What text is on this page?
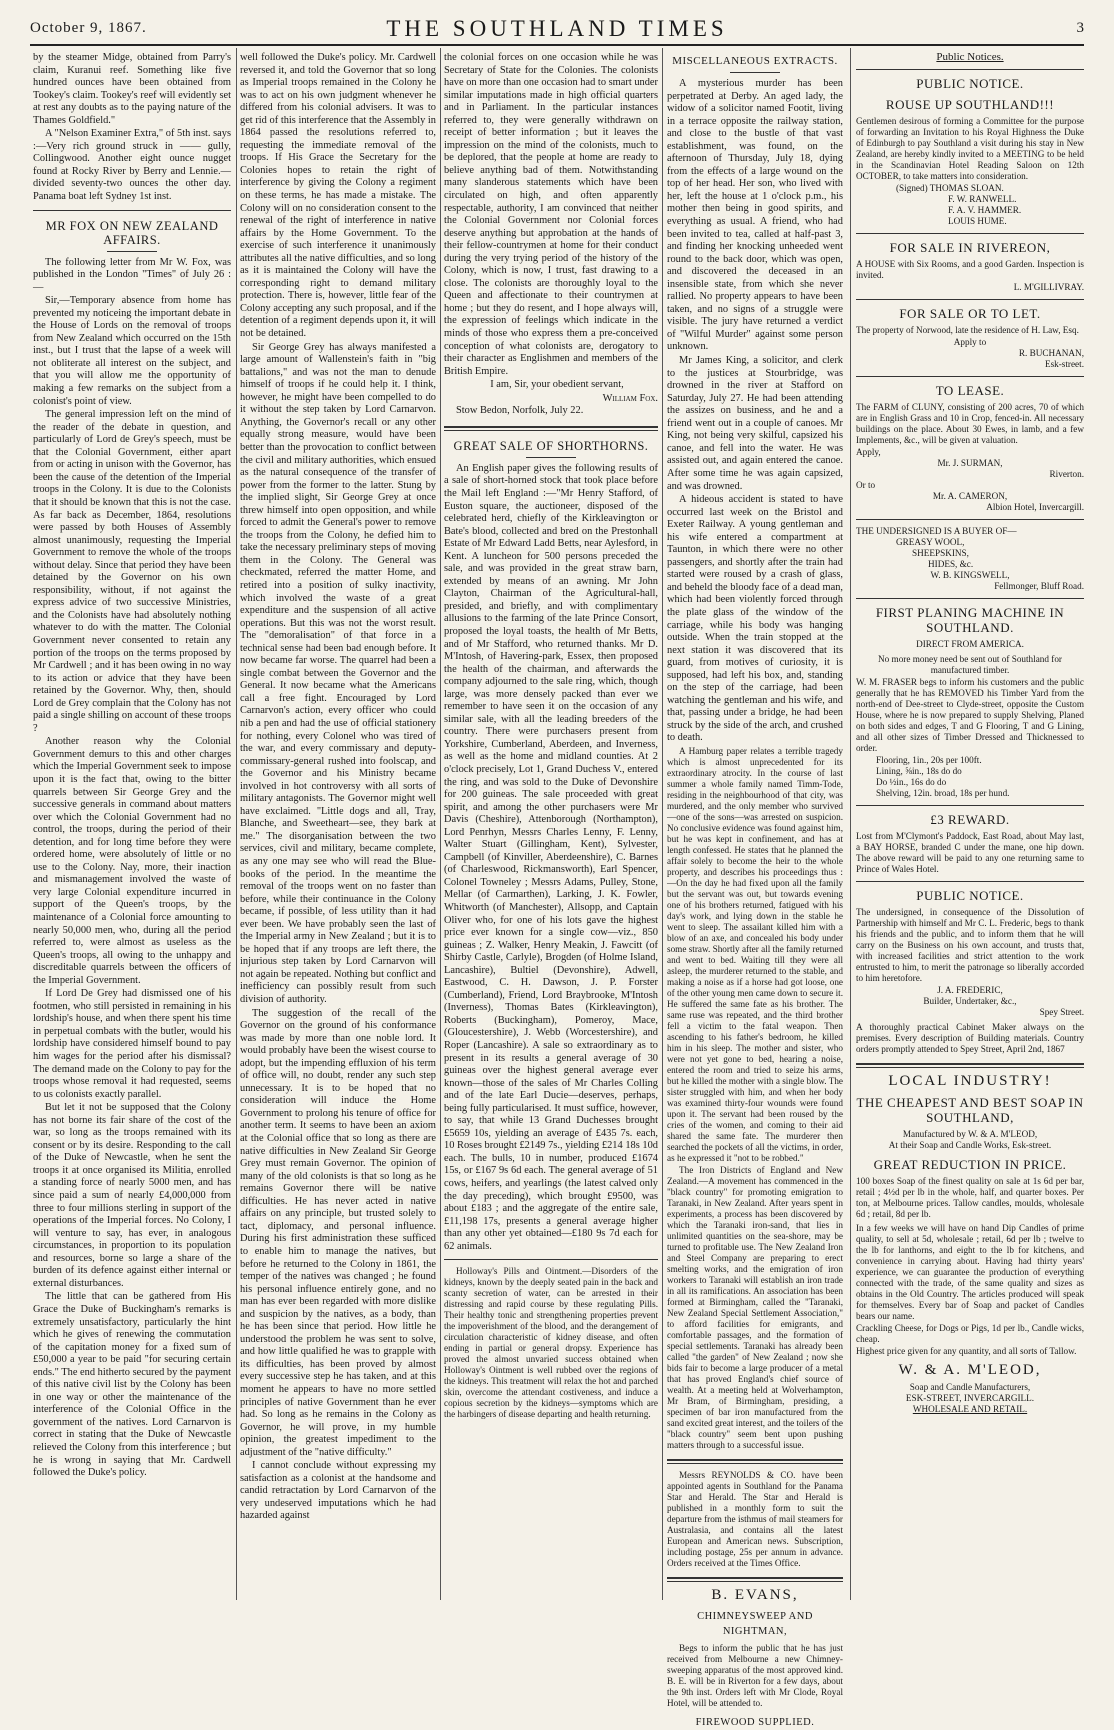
October 9, 1867.	THE SOUTHLAND TIMES	3

by the steamer Midge, obtained from Parry's claim, Kuranui reef. Something like five hundred ounces have been obtained from Tookey's claim. Tookey's reef will evidently set at rest any doubts as to the paying nature of the Thames Goldfield."

A "Nelson Examiner Extra," of 5th inst. says :—Very rich ground struck in —— gully, Collingwood. Another eight ounce nugget found at Rocky River by Berry and Lennie.—divided seventy-two ounces the other day. Panama boat left Sydney 1st inst.

MR FOX ON NEW ZEALAND AFFAIRS.

The following letter from Mr W. Fox, was published in the London "Times" of July 26 :—

Sir,—Temporary absence from home has prevented my noticeing the important debate in the House of Lords on the removal of troops from New Zealand which occurred on the 15th inst., but I trust that the lapse of a week will not obliterate all interest on the subject, and that you will allow me the opportunity of making a few remarks on the subject from a colonist's point of view.

The general impression left on the mind of the reader of the debate in question, and particularly of Lord de Grey's speech, must be that the Colonial Government, either apart from or acting in unison with the Governor, has been the cause of the detention of the Imperial troops in the Colony. It is due to the Colonists that it should be known that this is not the case. As far back as December, 1864, resolutions were passed by both Houses of Assembly almost unanimously, requesting the Imperial Government to remove the whole of the troops without delay. Since that period they have been detained by the Governor on his own responsibility, without, if not against the express advice of two successive Ministries, and the Colonists have had absolutely nothing whatever to do with the matter. The Colonial Government never consented to retain any portion of the troops on the terms proposed by Mr Cardwell ; and it has been owing in no way to its action or advice that they have been retained by the Governor. Why, then, should Lord de Grey complain that the Colony has not paid a single shilling on account of these troops ?

Another reason why the Colonial Government demurs to this and other charges which the Imperial Government seek to impose upon it is the fact that, owing to the bitter quarrels between Sir George Grey and the successive generals in command about matters over which the Colonial Government had no control, the troops, during the period of their detention, and for long time before they were ordered home, were absolutely of little or no use to the Colony. Nay, more, their inaction and mismanagement involved the waste of very large Colonial expenditure incurred in support of the Queen's troops, by the maintenance of a Colonial force amounting to nearly 50,000 men, who, during all the period referred to, were almost as useless as the Queen's troops, all owing to the unhappy and discreditable quarrels between the officers of the Imperial Government.

If Lord De Grey had dismissed one of his footmen, who still persisted in remaining in his lordship's house, and when there spent his time in perpetual combats with the butler, would his lordship have considered himself bound to pay him wages for the period after his dismissal? The demand made on the Colony to pay for the troops whose removal it had requested, seems to us colonists exactly parallel.

But let it not be supposed that the Colony has not borne its fair share of the cost of the war, so long as the troops remained with its consent or by its desire. Responding to the call of the Duke of Newcastle, when he sent the troops it at once organised its Militia, enrolled a standing force of nearly 5000 men, and has since paid a sum of nearly £4,000,000 from three to four millions sterling in support of the operations of the Imperial forces. No Colony, I will venture to say, has ever, in analogous circumstances, in proportion to its population and resources, borne so large a share of the burden of its defence against either internal or external disturbances.

The little that can be gathered from His Grace the Duke of Buckingham's remarks is extremely unsatisfactory, particularly the hint which he gives of renewing the commutation of the capitation money for a fixed sum of £50,000 a year to be paid "for securing certain ends." The end hitherto secured by the payment of this native civil list by the Colony has been in one way or other the maintenance of the interference of the Colonial Office in the government of the natives. Lord Carnarvon is correct in stating that the Duke of Newcastle relieved the Colony from this interference ; but he is wrong in saying that Mr. Cardwell followed the Duke's policy.

well followed the Duke's policy. Mr. Cardwell reversed it, and told the Governor that so long as Imperial troops remained in the Colony he was to act on his own judgment whenever he differed from his colonial advisers. It was to get rid of this interference that the Assembly in 1864 passed the resolutions referred to, requesting the immediate removal of the troops. If His Grace the Secretary for the Colonies hopes to retain the right of interference by giving the Colony a regiment on these terms, he has made a mistake. The Colony will on no consideration consent to the renewal of the right of interference in native affairs by the Home Government. To the exercise of such interference it unanimously attributes all the native difficulties, and so long as it is maintained the Colony will have the corresponding right to demand military protection. There is, however, little fear of the Colony accepting any such proposal, and if the detention of a regiment depends upon it, it will not be detained.

Sir George Grey has always manifested a large amount of Wallenstein's faith in "big battalions," and was not the man to denude himself of troops if he could help it. I think, however, he might have been compelled to do it without the step taken by Lord Carnarvon. Anything, the Governor's recall or any other equally strong measure, would have been better than the provocation to conflict between the civil and military authorities, which ensued as the natural consequence of the transfer of power from the former to the latter. Stung by the implied slight, Sir George Grey at once threw himself into open opposition, and while forced to admit the General's power to remove the troops from the Colony, he defied him to take the necessary preliminary steps of moving them in the Colony. The General was checkmated, referred the matter Home, and retired into a position of sulky inactivity, which involved the waste of a great expenditure and the suspension of all active operations. But this was not the worst result. The "demoralisation" of that force in a technical sense had been bad enough before. It now became far worse. The quarrel had been a single combat between the Governor and the General. It now became what the Americans call a free fight. Encouraged by Lord Carnarvon's action, every officer who could nib a pen and had the use of official stationery for nothing, every Colonel who was tired of the war, and every commissary and deputy-commissary-general rushed into foolscap, and the Governor and his Ministry became involved in hot controversy with all sorts of military antagonists. The Governor might well have exclaimed. "Little dogs and all, Tray, Blanche, and Sweetheart—see, they bark at me." The disorganisation between the two services, civil and military, became complete, as any one may see who will read the Blue-books of the period. In the meantime the removal of the troops went on no faster than before, while their continuance in the Colony became, if possible, of less utility than it had ever been. We have probably seen the last of the Imperial army in New Zealand ; but it is to be hoped that if any troops are left there, the injurious step taken by Lord Carnarvon will not again be repeated. Nothing but conflict and inefficiency can possibly result from such division of authority.

The suggestion of the recall of the Governor on the ground of his conformance was made by more than one noble lord. It would probably have been the wisest course to adopt, but the impending effluxion of his term of office will, no doubt, render any such step unnecessary. It is to be hoped that no consideration will induce the Home Government to prolong his tenure of office for another term. It seems to have been an axiom at the Colonial office that so long as there are native difficulties in New Zealand Sir George Grey must remain Governor. The opinion of many of the old colonists is that so long as he remains Governor there will be native difficulties. He has never acted in native affairs on any principle, but trusted solely to tact, diplomacy, and personal influence. During his first administration these sufficed to enable him to manage the natives, but before he returned to the Colony in 1861, the temper of the natives was changed ; he found his personal influence entirely gone, and no man has ever been regarded with more dislike and suspicion by the natives, as a body, than he has been since that period. How little he understood the problem he was sent to solve, and how little qualified he was to grapple with its difficulties, has been proved by almost every successive step he has taken, and at this moment he appears to have no more settled principles of native Government than he ever had. So long as he remains in the Colony as Governor, he will prove, in my humble opinion, the greatest impediment to the adjustment of the "native difficulty."

I cannot conclude without expressing my satisfaction as a colonist at the handsome and candid retractation by Lord Carnarvon of the very undeserved imputations which he had hazarded against

the colonial forces on one occasion while he was Secretary of State for the Colonies. The colonists have on more than one occasion had to smart under similar imputations made in high official quarters and in Parliament. In the particular instances referred to, they were generally withdrawn on receipt of better information ; but it leaves the impression on the mind of the colonists, much to be deplored, that the people at home are ready to believe anything bad of them. Notwithstanding many slanderous statements which have been circulated on high, and often apparently respectable, authority, I am convinced that neither the Colonial Government nor Colonial forces deserve anything but approbation at the hands of their fellow-countrymen at home for their conduct during the very trying period of the history of the Colony, which is now, I trust, fast drawing to a close. The colonists are thoroughly loyal to the Queen and affectionate to their countrymen at home ; but they do resent, and I hope always will, the expression of feelings which indicate in the minds of those who express them a pre-conceived conception of what colonists are, derogatory to their character as Englishmen and members of the British Empire.

I am, Sir, your obedient servant,

William Fox.

Stow Bedon, Norfolk, July 22.

GREAT SALE OF SHORTHORNS.

An English paper gives the following results of a sale of short-horned stock that took place before the Mail left England :—"Mr Henry Stafford, of Euston square, the auctioneer, disposed of the celebrated herd, chiefly of the Kirkleavington or Bate's blood, collected and bred on the Prestonhall Estate of Mr Edward Ladd Betts, near Aylesford, in Kent. A luncheon for 500 persons preceded the sale, and was provided in the great straw barn, extended by means of an awning. Mr John Clayton, Chairman of the Agricultural-hall, presided, and briefly, and with complimentary allusions to the farming of the late Prince Consort, proposed the loyal toasts, the health of Mr Betts, and of Mr Stafford, who returned thanks. Mr D. M'Intosh, of Havering-park, Essex, then proposed the health of the chairman, and afterwards the company adjourned to the sale ring, which, though large, was more densely packed than ever we remember to have seen it on the occasion of any similar sale, with all the leading breeders of the country. There were purchasers present from Yorkshire, Cumberland, Aberdeen, and Inverness, as well as the home and midland counties. At 2 o'clock precisely, Lot 1, Grand Duchess V., entered the ring, and was sold to the Duke of Devonshire for 200 guineas. The sale proceeded with great spirit, and among the other purchasers were Mr Davis (Cheshire), Attenborough (Northampton), Lord Penrhyn, Messrs Charles Lenny, F. Lenny, Walter Stuart (Gillingham, Kent), Sylvester, Campbell (of Kinviller, Aberdeenshire), C. Barnes (of Charleswood, Rickmansworth), Earl Spencer, Colonel Towneley ; Messrs Adams, Pulley, Stone, Mellar (of Carmarthen), Larking, J. K. Fowler, Whitworth (of Manchester), Allsopp, and Captain Oliver who, for one of his lots gave the highest price ever known for a single cow—viz., 850 guineas ; Z. Walker, Henry Meakin, J. Fawcitt (of Shirby Castle, Carlyle), Brogden (of Holme Island, Lancashire), Bultiel (Devonshire), Adwell, Eastwood, C. H. Dawson, J. P. Forster (Cumberland), Friend, Lord Braybrooke, M'Intosh (Inverness), Thomas Bates (Kirkleavington), Roberts (Buckingham), Pomeroy, Mace, (Gloucestershire), J. Webb (Worcestershire), and Roper (Lancashire). A sale so extraordinary as to present in its results a general average of 30 guineas over the highest general average ever known—those of the sales of Mr Charles Colling and of the late Earl Ducie—deserves, perhaps, being fully particularised. It must suffice, however, to say, that while 13 Grand Duchesses brought £5659 10s, yielding an average of £435 7s. each, 10 Roses brought £2149 7s., yielding £214 18s 10d each. The bulls, 10 in number, produced £1674 15s, or £167 9s 6d each. The general average of 51 cows, heifers, and yearlings (the latest calved only the day preceding), which brought £9500, was about £183 ; and the aggregate of the entire sale, £11,198 17s, presents a general average higher than any other yet obtained—£180 9s 7d each for 62 animals.

Holloway's Pills and Ointment.—Disorders of the kidneys, known by the deeply seated pain in the back and scanty secretion of water, can be arrested in their distressing and rapid course by these regulating Pills. Their healthy tonic and strengthening properties prevent the impoverishment of the blood, and the derangement of circulation characteristic of kidney disease, and often ending in partial or general dropsy. Experience has proved the almost unvaried success obtained when Holloway's Ointment is well rubbed over the regions of the kidneys. This treatment will relax the hot and parched skin, overcome the attendant costiveness, and induce a copious secretion by the kidneys—symptoms which are the harbingers of disease departing and health returning.

MISCELLANEOUS EXTRACTS.

A mysterious murder has been perpetrated at Derby. An aged lady, the widow of a solicitor named Footit, living in a terrace opposite the railway station, and close to the bustle of that vast establishment, was found, on the afternoon of Thursday, July 18, dying from the effects of a large wound on the top of her head. Her son, who lived with her, left the house at 1 o'clock p.m., his mother then being in good spirits, and everything as usual. A friend, who had been invited to tea, called at half-past 3, and finding her knocking unheeded went round to the back door, which was open, and discovered the deceased in an insensible state, from which she never rallied. No property appears to have been taken, and no signs of a struggle were visible. The jury have returned a verdict of "Wilful Murder" against some person unknown.

Mr James King, a solicitor, and clerk to the justices at Stourbridge, was drowned in the river at Stafford on Saturday, July 27. He had been attending the assizes on business, and he and a friend went out in a couple of canoes. Mr King, not being very skilful, capsized his canoe, and fell into the water. He was assisted out, and again entered the canoe. After some time he was again capsized, and was drowned.

A hideous accident is stated to have occurred last week on the Bristol and Exeter Railway. A young gentleman and his wife entered a compartment at Taunton, in which there were no other passengers, and shortly after the train had started were roused by a crash of glass, and beheld the bloody face of a dead man, which had been violently forced through the plate glass of the window of the carriage, while his body was hanging outside. When the train stopped at the next station it was discovered that its guard, from motives of curiosity, it is supposed, had left his box, and, standing on the step of the carriage, had been watching the gentleman and his wife, and that, passing under a bridge, he had been struck by the side of the arch, and crushed to death.

A Hamburg paper relates a terrible tragedy which is almost unprecedented for its extraordinary atrocity. In the course of last summer a whole family named Timm-Tode, residing in the neighbourhood of that city, was murdered, and the only member who survived—one of the sons—was arrested on suspicion. No conclusive evidence was found against him, but he was kept in confinement, and has at length confessed. He states that he planned the affair solely to become the heir to the whole property, and describes his proceedings thus :—On the day he had fixed upon all the family but the servant was out, but towards evening one of his brothers returned, fatigued with his day's work, and lying down in the stable he went to sleep. The assailant killed him with a blow of an axe, and concealed his body under some straw. Shortly after all the family returned and went to bed. Waiting till they were all asleep, the murderer returned to the stable, and making a noise as if a horse had got loose, one of the other young men came down to secure it. He suffered the same fate as his brother. The same ruse was repeated, and the third brother fell a victim to the fatal weapon. Then ascending to his father's bedroom, he killed him in his sleep. The mother and sister, who were not yet gone to bed, hearing a noise, entered the room and tried to seize his arms, but he killed the mother with a single blow. The sister struggled with him, and when her body was examined thirty-four wounds were found upon it. The servant had been roused by the cries of the women, and coming to their aid shared the same fate. The murderer then searched the pockets of all the victims, in order, as he expressed it "not to be robbed."

The Iron Districts of England and New Zealand.—A movement has commenced in the "black country" for promoting emigration to Taranaki, in New Zealand. After years spent in experiments, a process has been discovered by which the Taranaki iron-sand, that lies in unlimited quantities on the sea-shore, may be turned to profitable use. The New Zealand Iron and Steel Company are preparing to erect smelting works, and the emigration of iron workers to Taranaki will establish an iron trade in all its ramifications. An association has been formed at Birmingham, called the "Taranaki, New Zealand Special Settlement Association," to afford facilities for emigrants, and comfortable passages, and the formation of special settlements. Taranaki has already been called "the garden" of New Zealand ; now she bids fair to become a large producer of a metal that has proved England's chief source of wealth. At a meeting held at Wolverhampton, Mr Bram, of Birmingham, presiding, a specimen of bar iron manufactured from the sand excited great interest, and the toilers of the "black country" seem bent upon pushing matters through to a successful issue.

Messrs REYNOLDS & CO. have been appointed agents in Southland for the Panama Star and Herald. The Star and Herald is published in a monthly form to suit the departure from the isthmus of mail steamers for Australasia, and contains all the latest European and American news. Subscription, including postage, 25s per annum in advance. Orders received at the Times Office.

B. EVANS,
CHIMNEYSWEEP AND NIGHTMAN,

Begs to inform the public that he has just received from Melbourne a new Chimney-sweeping apparatus of the most approved kind. B. E. will be in Riverton for a few days, about the 9th inst. Orders left with Mr Clode, Royal Hotel, will be attended to.

FIREWOOD SUPPLIED.
Public Notices.
PUBLIC NOTICE.
ROUSE UP SOUTHLAND!!!

Gentlemen desirous of forming a Committee for the purpose of forwarding an Invitation to his Royal Highness the Duke of Edinburgh to pay Southland a visit during his stay in New Zealand, are hereby kindly invited to a MEETING to be held in the Scandinavian Hotel Reading Saloon on 12th OCTOBER, to take matters into consideration.

(Signed) THOMAS SLOAN.
F. W. RANWELL.
F. A. V. HAMMER.
LOUIS HUME.
FOR SALE IN RIVEREON,

A HOUSE with Six Rooms, and a good Garden. Inspection is invited.

L. M'GILLIVRAY.
FOR SALE OR TO LET.

The property of Norwood, late the residence of H. Law, Esq.

Apply to
R. BUCHANAN,
Esk-street.
TO LEASE.

The FARM of CLUNY, consisting of 200 acres, 70 of which are in English Grass and 10 in Crop, fenced-in. All necessary buildings on the place. About 30 Ewes, in lamb, and a few Implements, &c., will be given at valuation.

Apply,
Mr. J. SURMAN,
Riverton.
Or to
Mr. A. CAMERON,
Albion Hotel, Invercargill.
THE UNDERSIGNED IS A BUYER OF—
GREASY WOOL,
SHEEPSKINS,
HIDES, &c.
W. B. KINGSWELL,
Fellmonger, Bluff Road.
FIRST PLANING MACHINE IN SOUTHLAND.
DIRECT FROM AMERICA.

No more money need be sent out of Southland for manufactured timber.

W. M. FRASER begs to inform his customers and the public generally that he has REMOVED his Timber Yard from the north-end of Dee-street to Clyde-street, opposite the Custom House, where he is now prepared to supply Shelving, Planed on both sides and edges, T and G Flooring, T and G Lining, and all other sizes of Timber Dressed and Thicknessed to order.

Flooring, 1in., 20s per 100ft.
Lining, ⅝in., 18s do do
Do ½in., 16s do do
Shelving, 12in. broad, 18s per hund.
£3 REWARD.

Lost from M'Clymont's Paddock, East Road, about May last, a BAY HORSE, branded C under the mane, one hip down. The above reward will be paid to any one returning same to Prince of Wales Hotel.

PUBLIC NOTICE.

The undersigned, in consequence of the Dissolution of Partnership with himself and Mr C. L. Frederic, begs to thank his friends and the public, and to inform them that he will carry on the Business on his own account, and trusts that, with increased facilities and strict attention to the work entrusted to him, to merit the patronage so liberally accorded to him heretofore.

J. A. FREDERIC,
Builder, Undertaker, &c.,
Spey Street.

A thoroughly practical Cabinet Maker always on the premises. Every description of Building materials. Country orders promptly attended to Spey Street, April 2nd, 1867

LOCAL INDUSTRY!
THE CHEAPEST AND BEST SOAP IN SOUTHLAND,
Manufactured by W. & A. M'LEOD,
At their Soap and Candle Works, Esk-street.
GREAT REDUCTION IN PRICE.

100 boxes Soap of the finest quality on sale at 1s 6d per bar, retail ; 4½d per lb in the whole, half, and quarter boxes. Per ton, at Melbourne prices. Tallow candles, moulds, wholesale 6d ; retail, 8d per lb.

In a few weeks we will have on hand Dip Candles of prime quality, to sell at 5d, wholesale ; retail, 6d per lb ; twelve to the lb for lanthorns, and eight to the lb for kitchens, and convenience in carrying about. Having had thirty years' experience, we can guarantee the production of everything connected with the trade, of the same quality and sizes as obtains in the Old Country. The articles produced will speak for themselves. Every bar of Soap and packet of Candles bears our name.

Crackling Cheese, for Dogs or Pigs, 1d per lb., Candle wicks, cheap.

Highest price given for any quantity, and all sorts of Tallow.

W. & A. M'LEOD,
Soap and Candle Manufacturers,
ESK-STREET, INVERCARGILL.
WHOLESALE AND RETAIL.
